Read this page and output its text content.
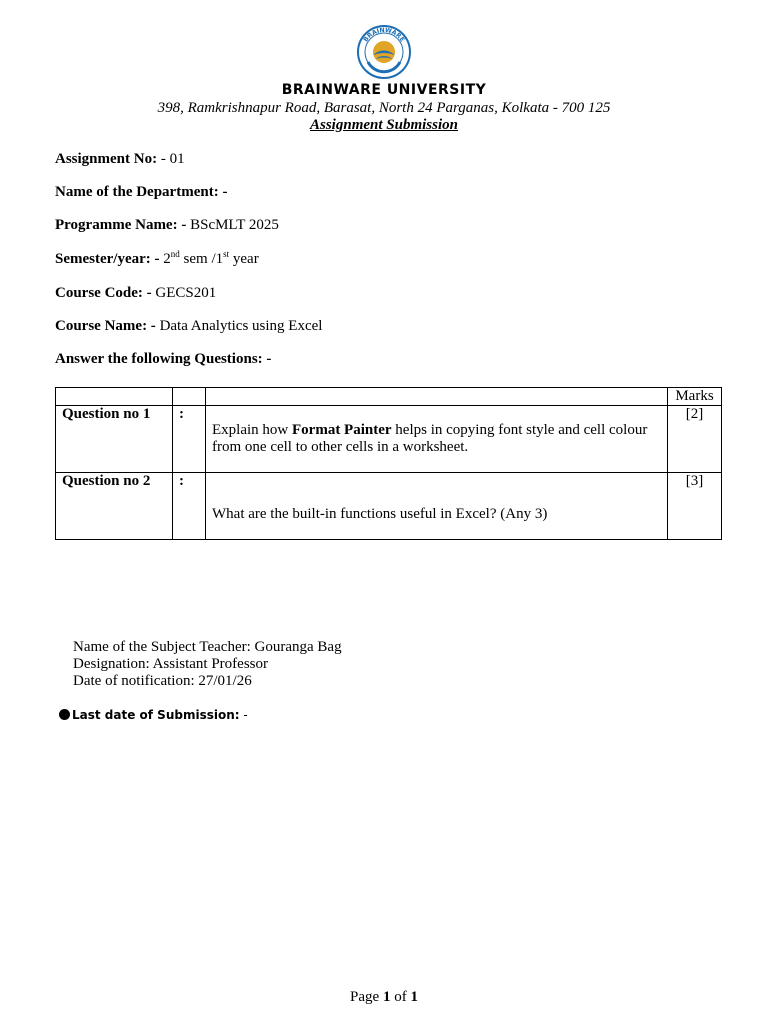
BRAINWARE
BRAINWARE UNIVERSITY
398, Ramkrishnapur Road, Barasat, North 24 Parganas, Kolkata - 700 125
Assignment Submission
Assignment No: - 01
Name of the Department: -
Programme Name: - BScMLT 2025
Semester/year: - 2nd sem /1st year
Course Code: - GECS201
Course Name: - Data Analytics using Excel
Answer the following Questions: -
			Marks
Question no 1	:	Explain how Format Painter helps in copying font style and cell colour from one cell to other cells in a worksheet.	[2]
Question no 2	:	What are the built-in functions useful in Excel? (Any 3)	[3]
Name of the Subject Teacher: Gouranga Bag
Designation: Assistant Professor
Date of notification: 27/01/26
Last date of Submission: -
Page 1 of 1
